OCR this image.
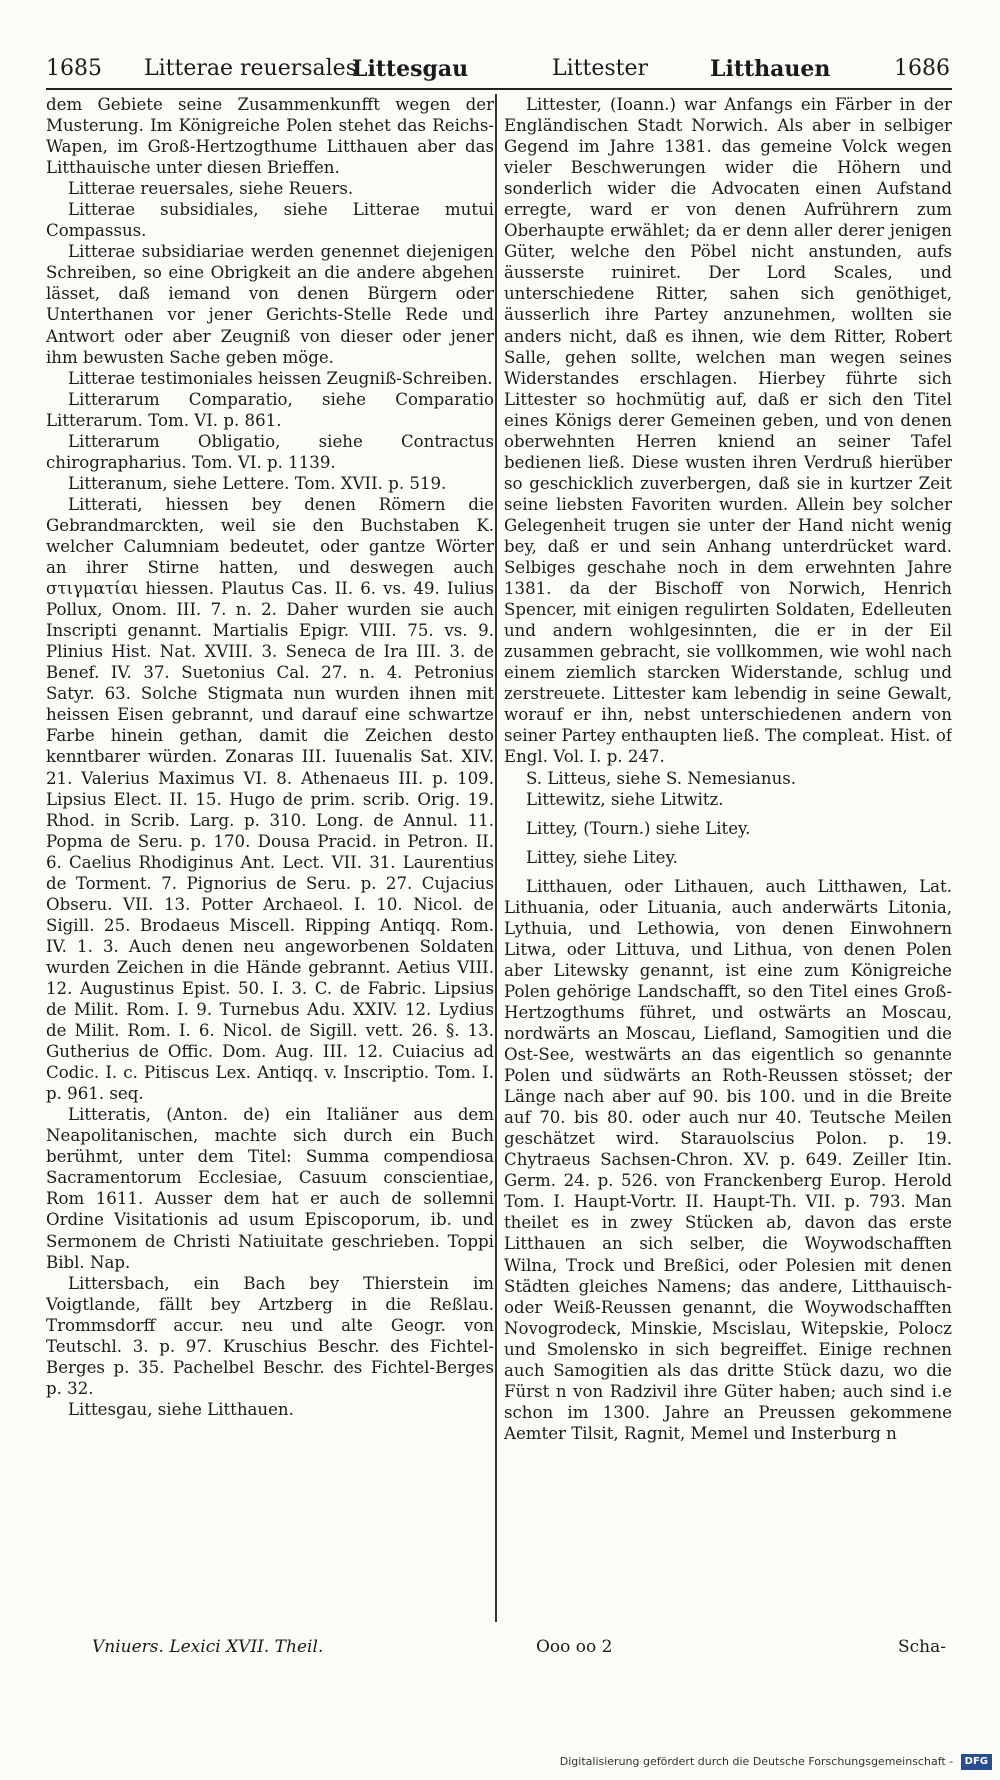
1685 Litterae reuersales
Littesgau	Littester	Litthauen	1686

dem Gebiete seine Zusammenkunfft wegen der Musterung. Im Königreiche Polen stehet das Reichs-Wapen, im Groß-Hertzogthume Litthauen aber das Litthauische unter diesen Brieffen.

Litterae reuersales, siehe Reuers.

Litterae subsidiales, siehe Litterae mutui Compassus.

Litterae subsidiariae werden genennet diejenigen Schreiben, so eine Obrigkeit an die andere abgehen lässet, daß iemand von denen Bürgern oder Unterthanen vor jener Gerichts-Stelle Rede und Antwort oder aber Zeugniß von dieser oder jener ihm bewusten Sache geben möge.

Litterae testimoniales heissen Zeugniß-Schreiben.

Litterarum Comparatio, siehe Comparatio Litterarum. Tom. VI. p. 861.

Litterarum Obligatio, siehe Contractus chirographarius. Tom. VI. p. 1139.

Litteranum, siehe Lettere. Tom. XVII. p. 519.

Litterati, hiessen bey denen Römern die Gebrandmarckten, weil sie den Buchstaben K. welcher Calumniam bedeutet, oder gantze Wörter an ihrer Stirne hatten, und deswegen auch στιγματίαι hiessen. Plautus Cas. II. 6. vs. 49. Iulius Pollux, Onom. III. 7. n. 2. Daher wurden sie auch Inscripti genannt. Martialis Epigr. VIII. 75. vs. 9. Plinius Hist. Nat. XVIII. 3. Seneca de Ira III. 3. de Benef. IV. 37. Suetonius Cal. 27. n. 4. Petronius Satyr. 63. Solche Stigmata nun wurden ihnen mit heissen Eisen gebrannt, und darauf eine schwartze Farbe hinein gethan, damit die Zeichen desto kenntbarer würden. Zonaras III. Iuuenalis Sat. XIV. 21. Valerius Maximus VI. 8. Athenaeus III. p. 109. Lipsius Elect. II. 15. Hugo de prim. scrib. Orig. 19. Rhod. in Scrib. Larg. p. 310. Long. de Annul. 11. Popma de Seru. p. 170. Dousa Pracid. in Petron. II. 6. Caelius Rhodiginus Ant. Lect. VII. 31. Laurentius de Torment. 7. Pignorius de Seru. p. 27. Cujacius Obseru. VII. 13. Potter Archaeol. I. 10. Nicol. de Sigill. 25. Brodaeus Miscell. Ripping Antiqq. Rom. IV. 1. 3. Auch denen neu angeworbenen Soldaten wurden Zeichen in die Hände gebrannt. Aetius VIII. 12. Augustinus Epist. 50. I. 3. C. de Fabric. Lipsius de Milit. Rom. I. 9. Turnebus Adu. XXIV. 12. Lydius de Milit. Rom. I. 6. Nicol. de Sigill. vett. 26. §. 13. Gutherius de Offic. Dom. Aug. III. 12. Cuiacius ad Codic. I. c. Pitiscus Lex. Antiqq. v. Inscriptio. Tom. I. p. 961. seq.

Litteratis, (Anton. de) ein Italiäner aus dem Neapolitanischen, machte sich durch ein Buch berühmt, unter dem Titel: Summa compendiosa Sacramentorum Ecclesiae, Casuum conscientiae, Rom 1611. Ausser dem hat er auch de sollemni Ordine Visitationis ad usum Episcoporum, ib. und Sermonem de Christi Natiuitate geschrieben. Toppi Bibl. Nap.

Littersbach, ein Bach bey Thierstein im Voigtlande, fällt bey Artzberg in die Reßlau. Trommsdorff accur. neu und alte Geogr. von Teutschl. 3. p. 97. Kruschius Beschr. des Fichtel-Berges p. 35. Pachelbel Beschr. des Fichtel-Berges p. 32.

Littesgau, siehe Litthauen.

Littester, (Ioann.) war Anfangs ein Färber in der Engländischen Stadt Norwich. Als aber in selbiger Gegend im Jahre 1381. das gemeine Volck wegen vieler Beschwerungen wider die Höhern und sonderlich wider die Advocaten einen Aufstand erregte, ward er von denen Aufrührern zum Oberhaupte erwählet; da er denn aller derer jenigen Güter, welche den Pöbel nicht anstunden, aufs äusserste ruiniret. Der Lord Scales, und unterschiedene Ritter, sahen sich genöthiget, äusserlich ihre Partey anzunehmen, wollten sie anders nicht, daß es ihnen, wie dem Ritter, Robert Salle, gehen sollte, welchen man wegen seines Widerstandes erschlagen. Hierbey führte sich Littester so hochmütig auf, daß er sich den Titel eines Königs derer Gemeinen geben, und von denen oberwehnten Herren kniend an seiner Tafel bedienen ließ. Diese wusten ihren Verdruß hierüber so geschicklich zuverbergen, daß sie in kurtzer Zeit seine liebsten Favoriten wurden. Allein bey solcher Gelegenheit trugen sie unter der Hand nicht wenig bey, daß er und sein Anhang unterdrücket ward. Selbiges geschahe noch in dem erwehnten Jahre 1381. da der Bischoff von Norwich, Henrich Spencer, mit einigen regulirten Soldaten, Edelleuten und andern wohlgesinnten, die er in der Eil zusammen gebracht, sie vollkommen, wie wohl nach einem ziemlich starcken Widerstande, schlug und zerstreuete. Littester kam lebendig in seine Gewalt, worauf er ihn, nebst unterschiedenen andern von seiner Partey enthaupten ließ. The compleat. Hist. of Engl. Vol. I. p. 247.

S. Litteus, siehe S. Nemesianus.

Littewitz, siehe Litwitz.

Littey, (Tourn.) siehe Litey.

Littey, siehe Litey.

Litthauen, oder Lithauen, auch Litthawen, Lat. Lithuania, oder Lituania, auch anderwärts Litonia, Lythuia, und Lethowia, von denen Einwohnern Litwa, oder Littuva, und Lithua, von denen Polen aber Litewsky genannt, ist eine zum Königreiche Polen gehörige Landschafft, so den Titel eines Groß-Hertzogthums führet, und ostwärts an Moscau, nordwärts an Moscau, Liefland, Samogitien und die Ost-See, westwärts an das eigentlich so genannte Polen und südwärts an Roth-Reussen stösset; der Länge nach aber auf 90. bis 100. und in die Breite auf 70. bis 80. oder auch nur 40. Teutsche Meilen geschätzet wird. Starauolscius Polon. p. 19. Chytraeus Sachsen-Chron. XV. p. 649. Zeiller Itin. Germ. 24. p. 526. von Franckenberg Europ. Herold Tom. I. Haupt-Vortr. II. Haupt-Th. VII. p. 793. Man theilet es in zwey Stücken ab, davon das erste Litthauen an sich selber, die Woywodschafften Wilna, Trock und Breßici, oder Polesien mit denen Städten gleiches Namens; das andere, Litthauisch-oder Weiß-Reussen genannt, die Woywodschafften Novogrodeck, Minskie, Mscislau, Witepskie, Polocz und Smolensko in sich begreiffet. Einige rechnen auch Samogitien als das dritte Stück dazu, wo die Fürst n von Radzivil ihre Güter haben; auch sind i.e schon im 1300. Jahre an Preussen gekommene Aemter Tilsit, Ragnit, Memel und Insterburg n

Vniuers. Lexici XVII. Theil.	Ooo oo 2	Scha-
Digitalisierung gefördert durch die Deutsche Forschungsgemeinschaft - DFG
